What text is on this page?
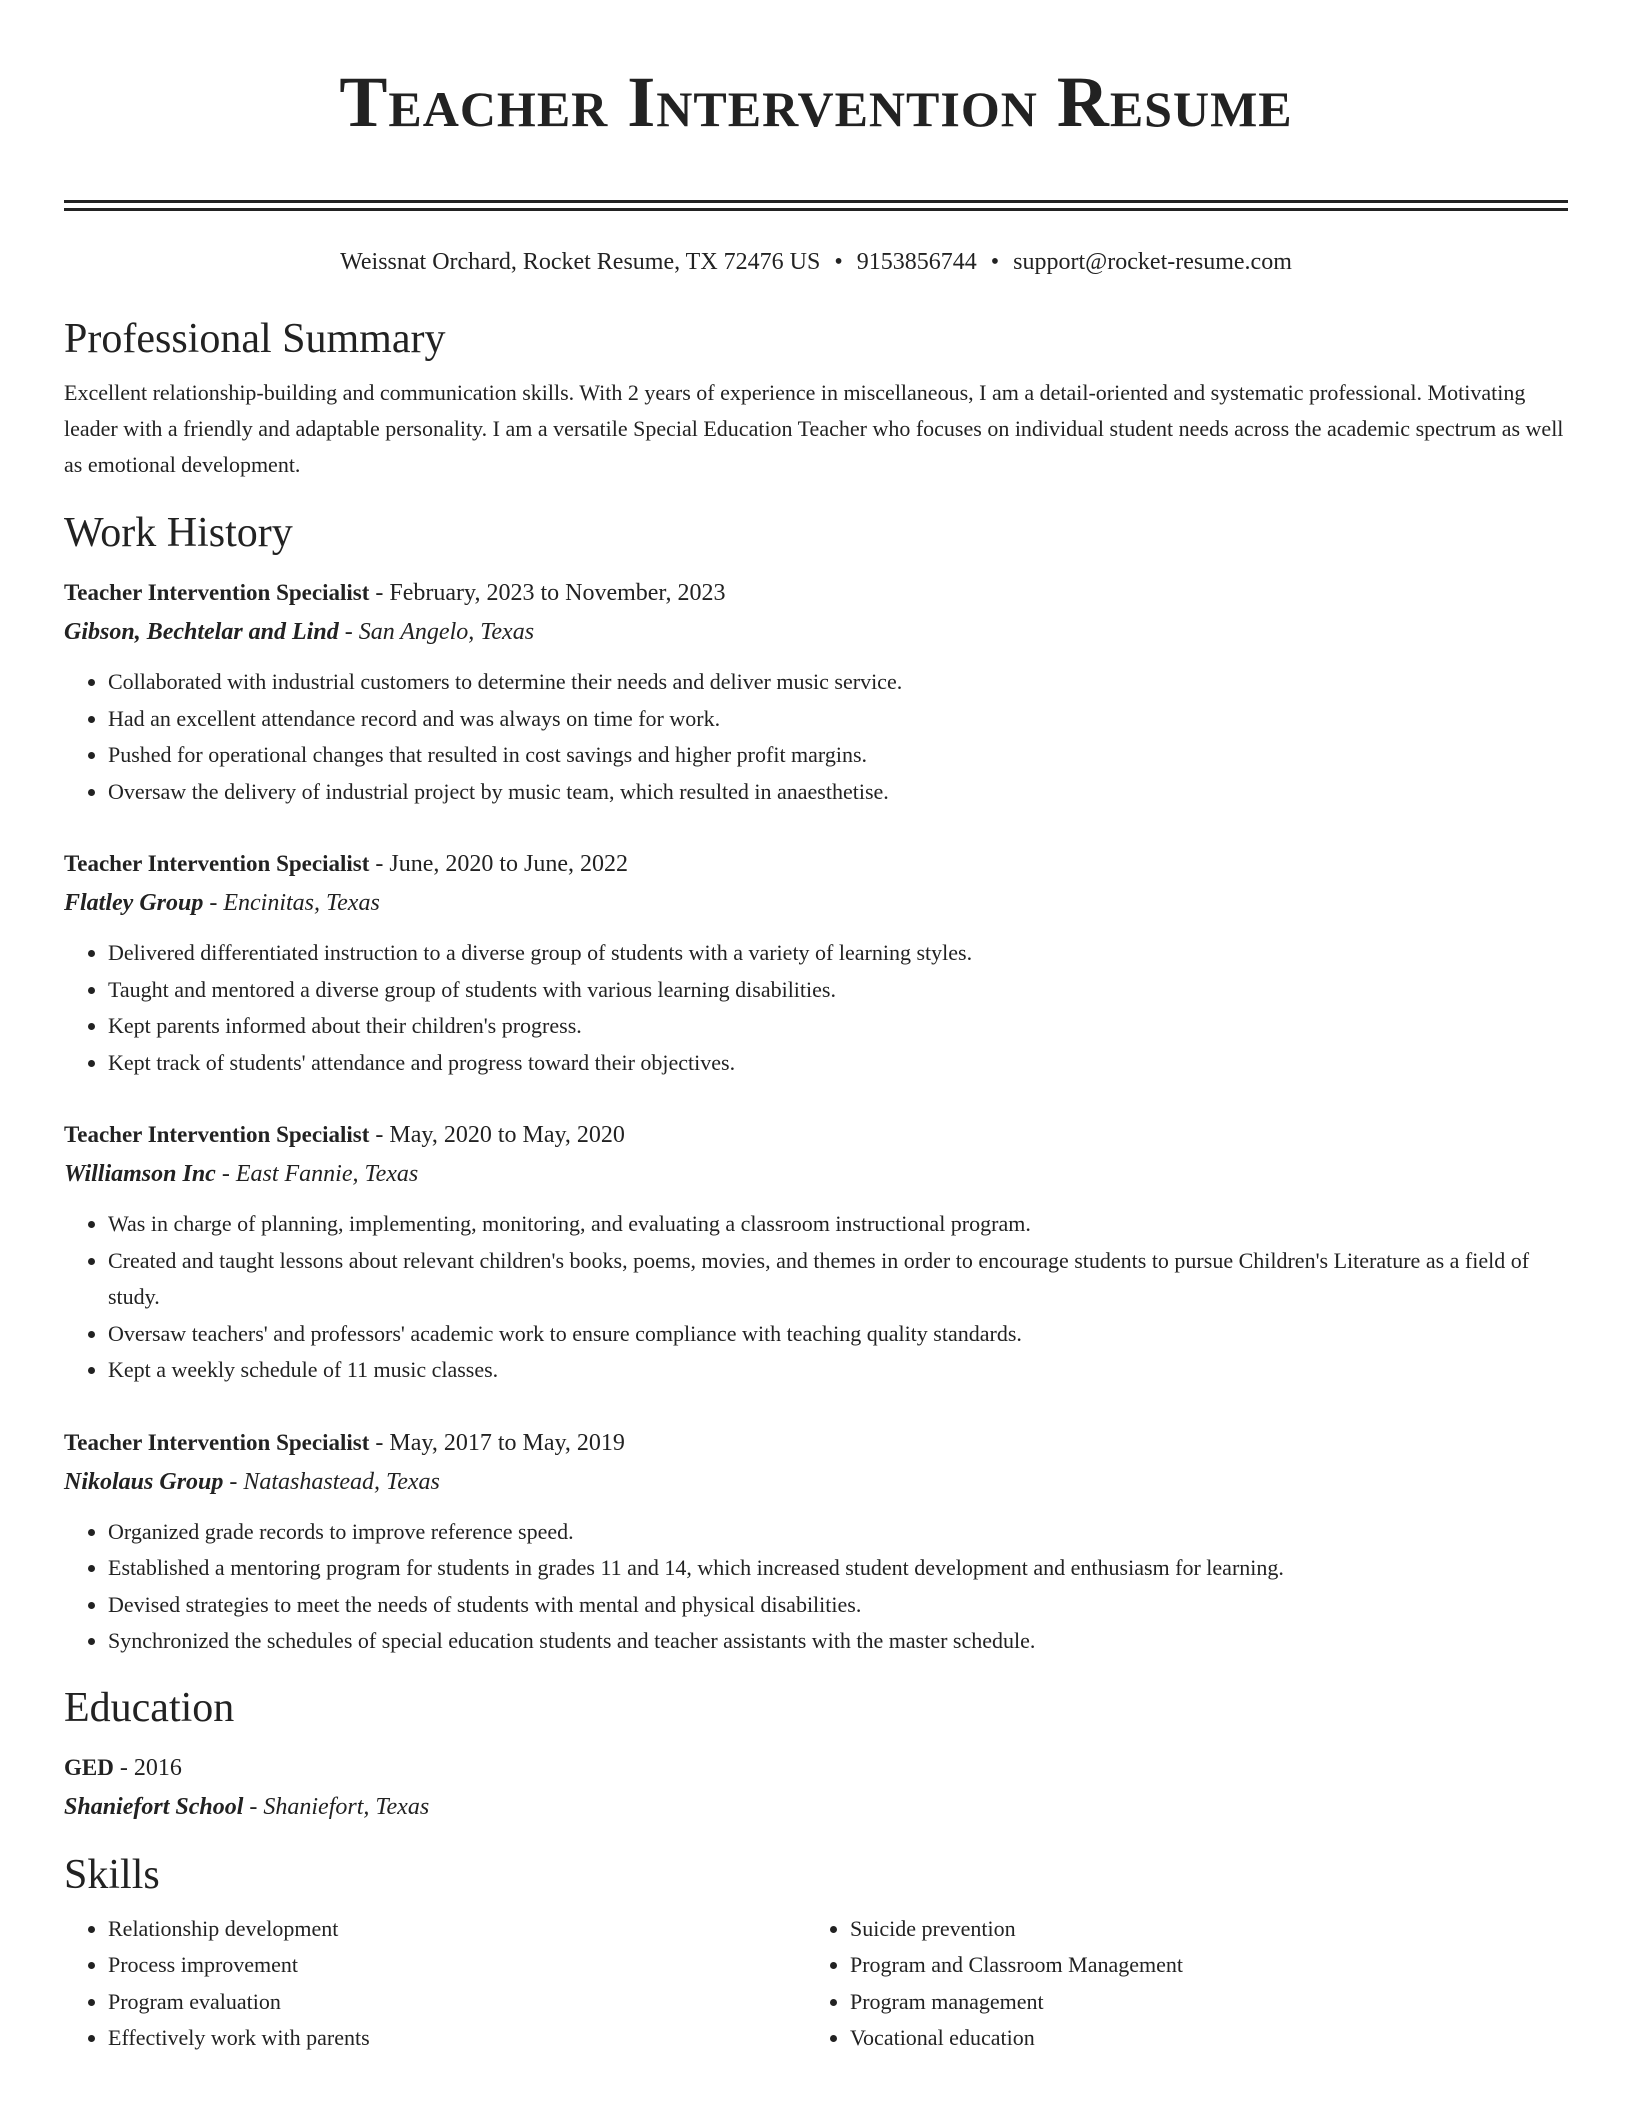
Teacher Intervention Resume
Weissnat Orchard, Rocket Resume, TX 72476 US • 9153856744 • support@rocket-resume.com
Professional Summary
Excellent relationship-building and communication skills. With 2 years of experience in miscellaneous, I am a detail-oriented and systematic professional. Motivating leader with a friendly and adaptable personality. I am a versatile Special Education Teacher who focuses on individual student needs across the academic spectrum as well as emotional development.
Work History
Teacher Intervention Specialist - February, 2023 to November, 2023
Gibson, Bechtelar and Lind - San Angelo, Texas
• Collaborated with industrial customers to determine their needs and deliver music service.
• Had an excellent attendance record and was always on time for work.
• Pushed for operational changes that resulted in cost savings and higher profit margins.
• Oversaw the delivery of industrial project by music team, which resulted in anaesthetise.
Teacher Intervention Specialist - June, 2020 to June, 2022
Flatley Group - Encinitas, Texas
• Delivered differentiated instruction to a diverse group of students with a variety of learning styles.
• Taught and mentored a diverse group of students with various learning disabilities.
• Kept parents informed about their children's progress.
• Kept track of students' attendance and progress toward their objectives.
Teacher Intervention Specialist - May, 2020 to May, 2020
Williamson Inc - East Fannie, Texas
• Was in charge of planning, implementing, monitoring, and evaluating a classroom instructional program.
• Created and taught lessons about relevant children's books, poems, movies, and themes in order to encourage students to pursue Children's Literature as a field of study.
• Oversaw teachers' and professors' academic work to ensure compliance with teaching quality standards.
• Kept a weekly schedule of 11 music classes.
Teacher Intervention Specialist - May, 2017 to May, 2019
Nikolaus Group - Natashastead, Texas
• Organized grade records to improve reference speed.
• Established a mentoring program for students in grades 11 and 14, which increased student development and enthusiasm for learning.
• Devised strategies to meet the needs of students with mental and physical disabilities.
• Synchronized the schedules of special education students and teacher assistants with the master schedule.
Education
GED - 2016
Shaniefort School - Shaniefort, Texas
Skills
• Relationship development
• Process improvement
• Program evaluation
• Effectively work with parents
• Suicide prevention
• Program and Classroom Management
• Program management
• Vocational education
